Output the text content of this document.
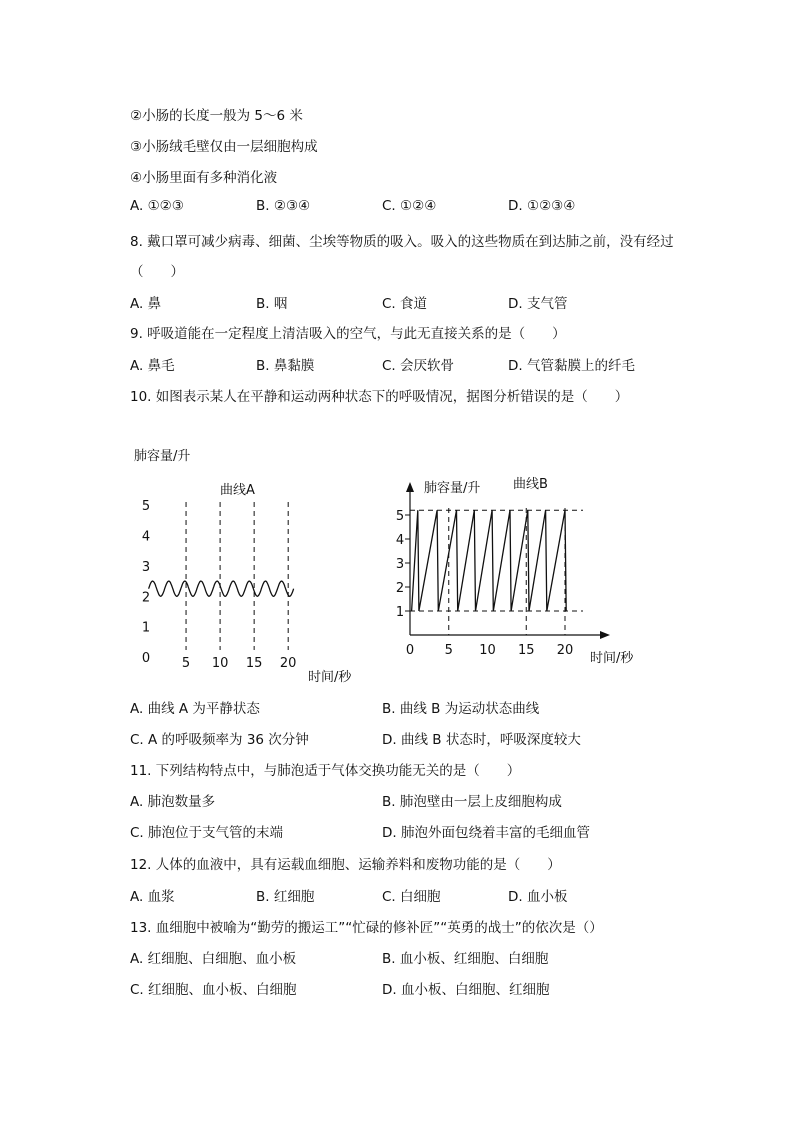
②小肠的长度一般为 5～6 米
③小肠绒毛壁仅由一层细胞构成
④小肠里面有多种消化液
A. ①②③	B. ②③④	C. ①②④	D. ①②③④
8. 戴口罩可减少病毒、细菌、尘埃等物质的吸入。吸入的这些物质在到达肺之前，没有经过
（　　）
A. 鼻	B. 咽	C. 食道	D. 支气管
9. 呼吸道能在一定程度上清洁吸入的空气，与此无直接关系的是（　　）
A. 鼻毛	B. 鼻黏膜	C. 会厌软骨	D. 气管黏膜上的纤毛
10. 如图表示某人在平静和运动两种状态下的呼吸情况，据图分析错误的是（　　）
肺容量/升
曲线A
时间/秒
0
1
2
3
4
5
5 10 15 20
肺容量/升	曲线B
时间/秒
1
2
3
4
5
0 5 10 15 20
A. 曲线 A 为平静状态	B. 曲线 B 为运动状态曲线
C. A 的呼吸频率为 36 次分钟	D. 曲线 B 状态时，呼吸深度较大
11. 下列结构特点中，与肺泡适于气体交换功能无关的是（　　）
A. 肺泡数量多	B. 肺泡壁由一层上皮细胞构成
C. 肺泡位于支气管的末端	D. 肺泡外面包绕着丰富的毛细血管
12. 人体的血液中，具有运载血细胞、运输养料和废物功能的是（　　）
A. 血浆	B. 红细胞	C. 白细胞	D. 血小板
13. 血细胞中被喻为“勤劳的搬运工”“忙碌的修补匠”“英勇的战士”的依次是（）
A. 红细胞、白细胞、血小板	B. 血小板、红细胞、白细胞
C. 红细胞、血小板、白细胞	D. 血小板、白细胞、红细胞
